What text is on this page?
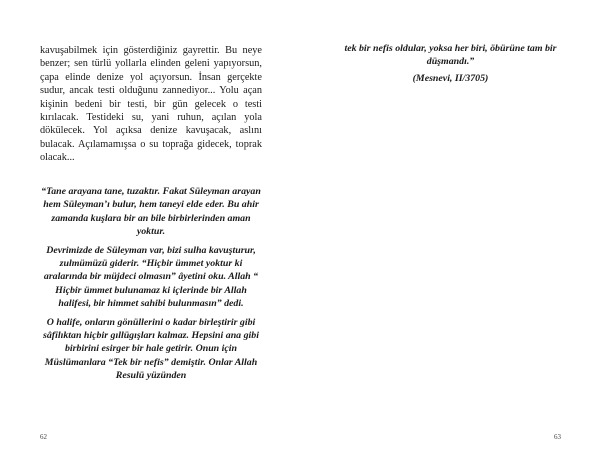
kavuşabilmek için gösterdiğiniz gayrettir. Bu neye benzer; sen türlü yollarla elinden geleni yapıyorsun, çapa elinde denize yol açıyorsun. İnsan gerçekte sudur, ancak testi olduğunu zannediyor... Yolu açan kişinin bedeni bir testi, bir gün gelecek o testi kırılacak. Testideki su, yani ruhun, açılan yola dökülecek. Yol açıksa denize kavuşacak, aslını bulacak. Açılamamışsa o su toprağa gidecek, toprak olacak...

“Tane arayana tane, tuzaktır. Fakat Süleyman arayan hem Süleyman’ı bulur, hem taneyi elde eder. Bu ahir zamanda kuşlara bir an bile birbirlerinden aman yoktur.

Devrimizde de Süleyman var, bizi sulha kavuşturur, zulmümüzü giderir. “Hiçbir ümmet yoktur ki aralarında bir müjdeci olmasın” âyetini oku. Allah “ Hiçbir ümmet bulunamaz ki içlerinde bir Allah halifesi, bir himmet sahibi bulunmasın” dedi.

O halife, onların gönüllerini o kadar birleştirir gibi sâfîlıktan hiçbir gıllügışları kalmaz. Hepsini ana gibi birbirini esirger bir hale getirir. Onun için Müslümanlara “Tek bir nefis” demiştir. Onlar Allah Resulü yüzünden

62

tek bir nefis oldular, yoksa her biri, öbürüne tam bir düşmandı.”

(Mesnevi, II/3705)

63
